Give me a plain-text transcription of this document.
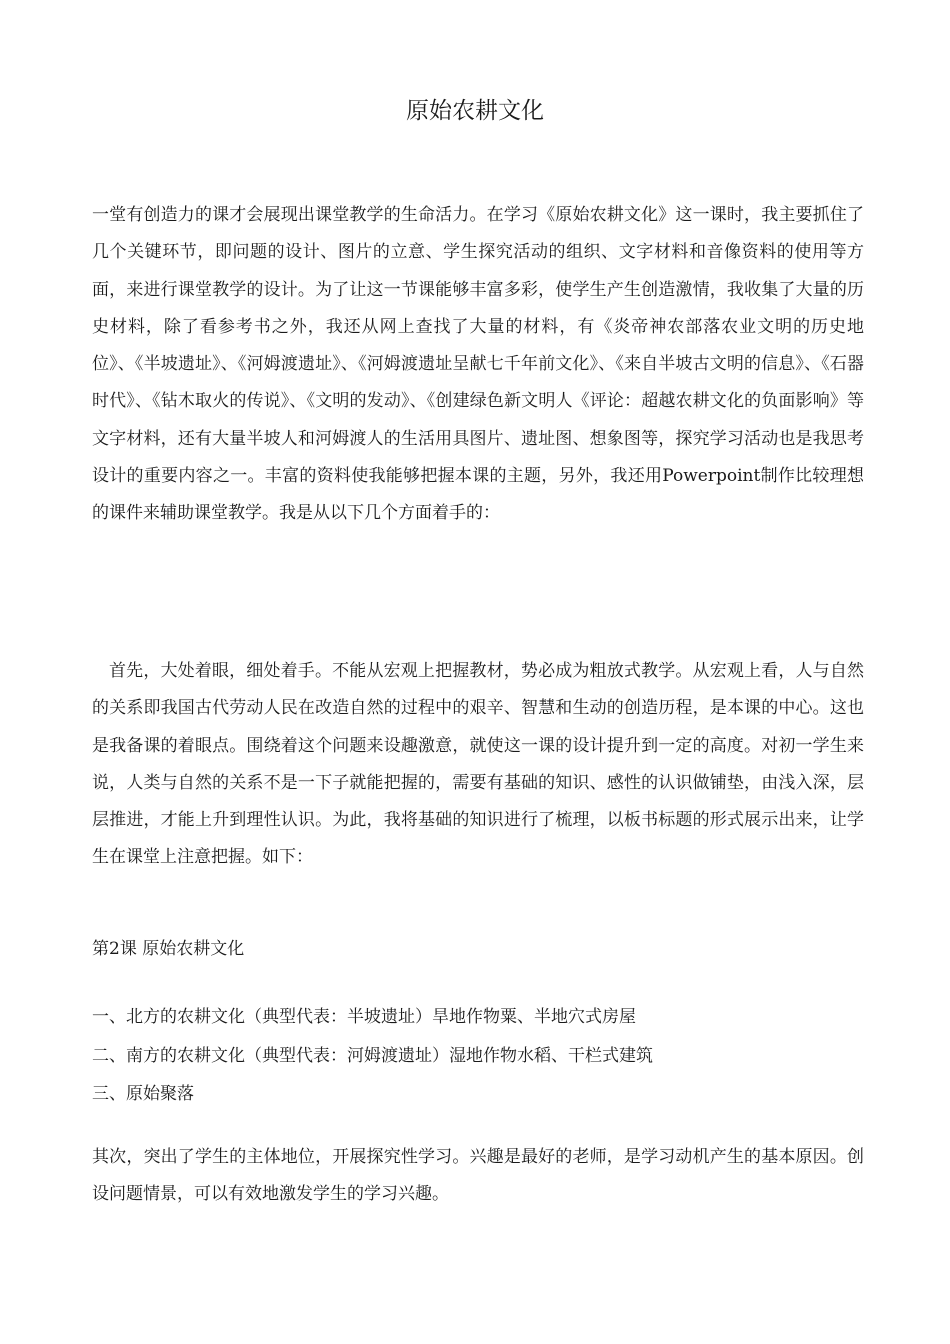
原始农耕文化

一堂有创造力的课才会展现出课堂教学的生命活力。在学习《原始农耕文化》这一课时，我主要抓住了几个关键环节，即问题的设计、图片的立意、学生探究活动的组织、文字材料和音像资料的使用等方面，来进行课堂教学的设计。为了让这一节课能够丰富多彩，使学生产生创造激情，我收集了大量的历史材料，除了看参考书之外，我还从网上查找了大量的材料，有《炎帝神农部落农业文明的历史地位》、《半坡遗址》、《河姆渡遗址》、《河姆渡遗址呈献七千年前文化》、《来自半坡古文明的信息》、《石器时代》、《钻木取火的传说》、《文明的发动》、《创建绿色新文明人《评论：超越农耕文化的负面影响》等文字材料，还有大量半坡人和河姆渡人的生活用具图片、遗址图、想象图等，探究学习活动也是我思考设计的重要内容之一。丰富的资料使我能够把握本课的主题，另外，我还用Powerpoint制作比较理想的课件来辅助课堂教学。我是从以下几个方面着手的：

首先，大处着眼，细处着手。不能从宏观上把握教材，势必成为粗放式教学。从宏观上看，人与自然的关系即我国古代劳动人民在改造自然的过程中的艰辛、智慧和生动的创造历程，是本课的中心。这也是我备课的着眼点。围绕着这个问题来设趣激意，就使这一课的设计提升到一定的高度。对初一学生来说，人类与自然的关系不是一下子就能把握的，需要有基础的知识、感性的认识做铺垫，由浅入深，层层推进，才能上升到理性认识。为此，我将基础的知识进行了梳理，以板书标题的形式展示出来，让学生在课堂上注意把握。如下：

第2课 原始农耕文化

一、北方的农耕文化（典型代表：半坡遗址）旱地作物粟、半地穴式房屋
二、南方的农耕文化（典型代表：河姆渡遗址）湿地作物水稻、干栏式建筑
三、原始聚落

其次，突出了学生的主体地位，开展探究性学习。兴趣是最好的老师，是学习动机产生的基本原因。创设问题情景，可以有效地激发学生的学习兴趣。
